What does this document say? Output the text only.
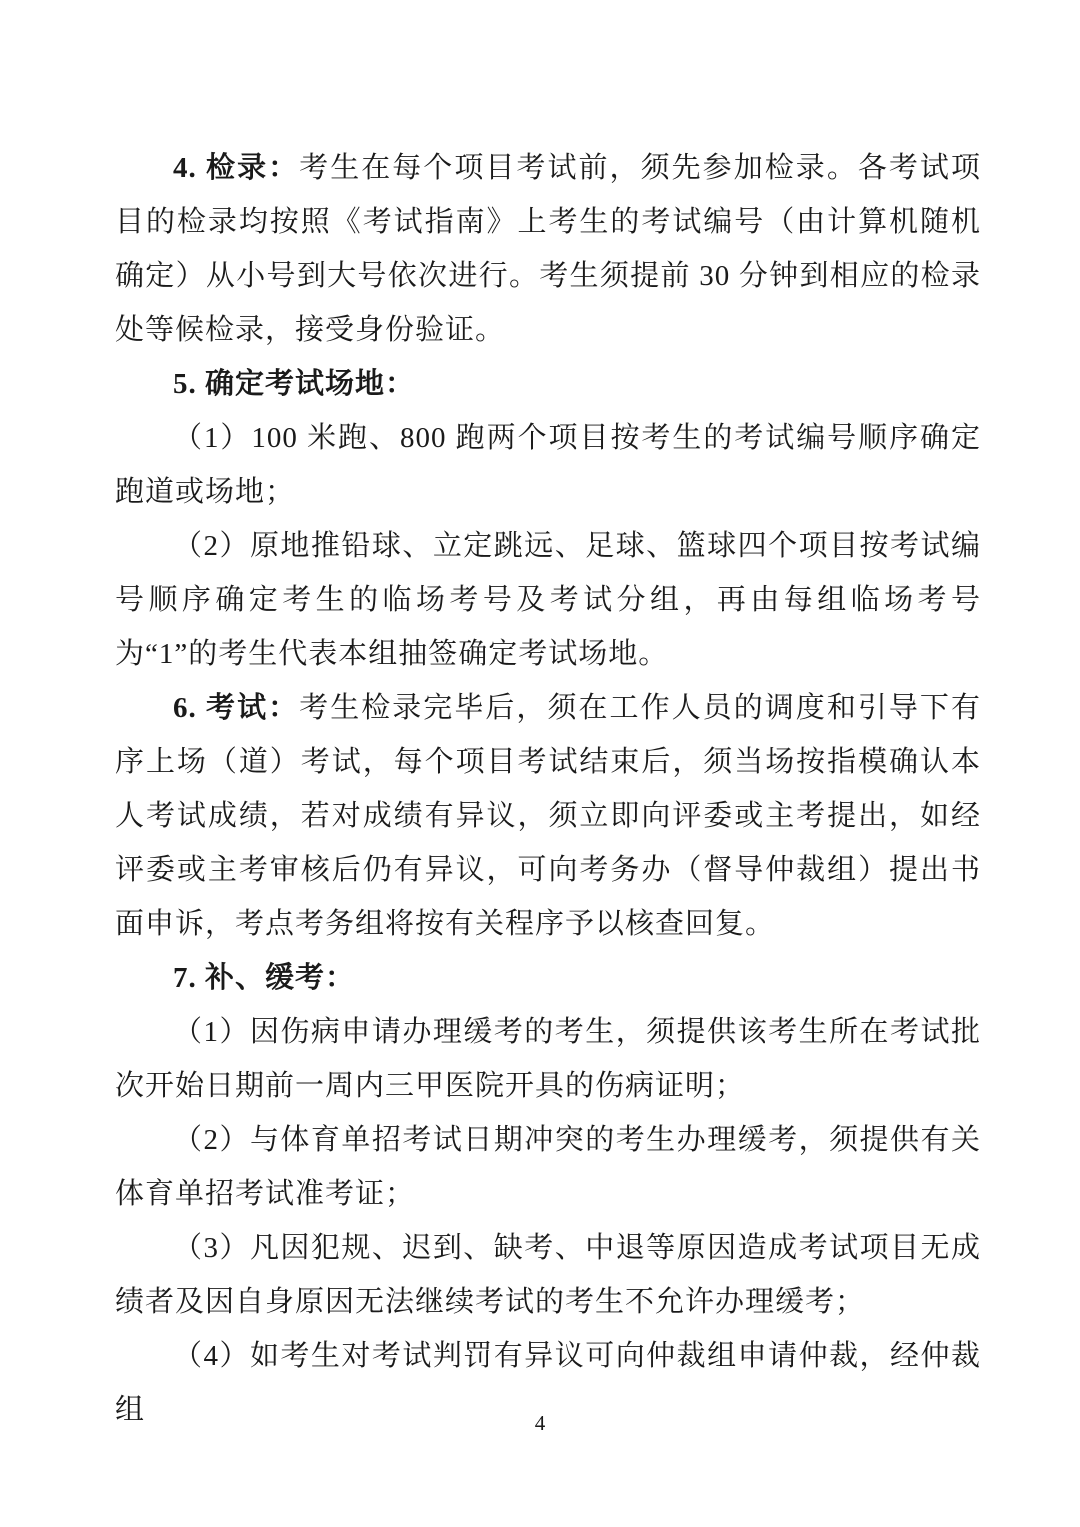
4. 检录：考生在每个项目考试前，须先参加检录。各考试项目的检录均按照《考试指南》上考生的考试编号（由计算机随机确定）从小号到大号依次进行。考生须提前 30 分钟到相应的检录处等候检录，接受身份验证。

5. 确定考试场地：

（1）100 米跑、800 跑两个项目按考生的考试编号顺序确定跑道或场地；

（2）原地推铅球、立定跳远、足球、篮球四个项目按考试编号顺序确定考生的临场考号及考试分组，再由每组临场考号为“1”的考生代表本组抽签确定考试场地。

6. 考试：考生检录完毕后，须在工作人员的调度和引导下有序上场（道）考试，每个项目考试结束后，须当场按指模确认本人考试成绩，若对成绩有异议，须立即向评委或主考提出，如经评委或主考审核后仍有异议，可向考务办（督导仲裁组）提出书面申诉，考点考务组将按有关程序予以核查回复。

7. 补、缓考：

（1）因伤病申请办理缓考的考生，须提供该考生所在考试批次开始日期前一周内三甲医院开具的伤病证明；

（2）与体育单招考试日期冲突的考生办理缓考，须提供有关体育单招考试准考证；

（3）凡因犯规、迟到、缺考、中退等原因造成考试项目无成绩者及因自身原因无法继续考试的考生不允许办理缓考；

（4）如考生对考试判罚有异议可向仲裁组申请仲裁，经仲裁组	4
